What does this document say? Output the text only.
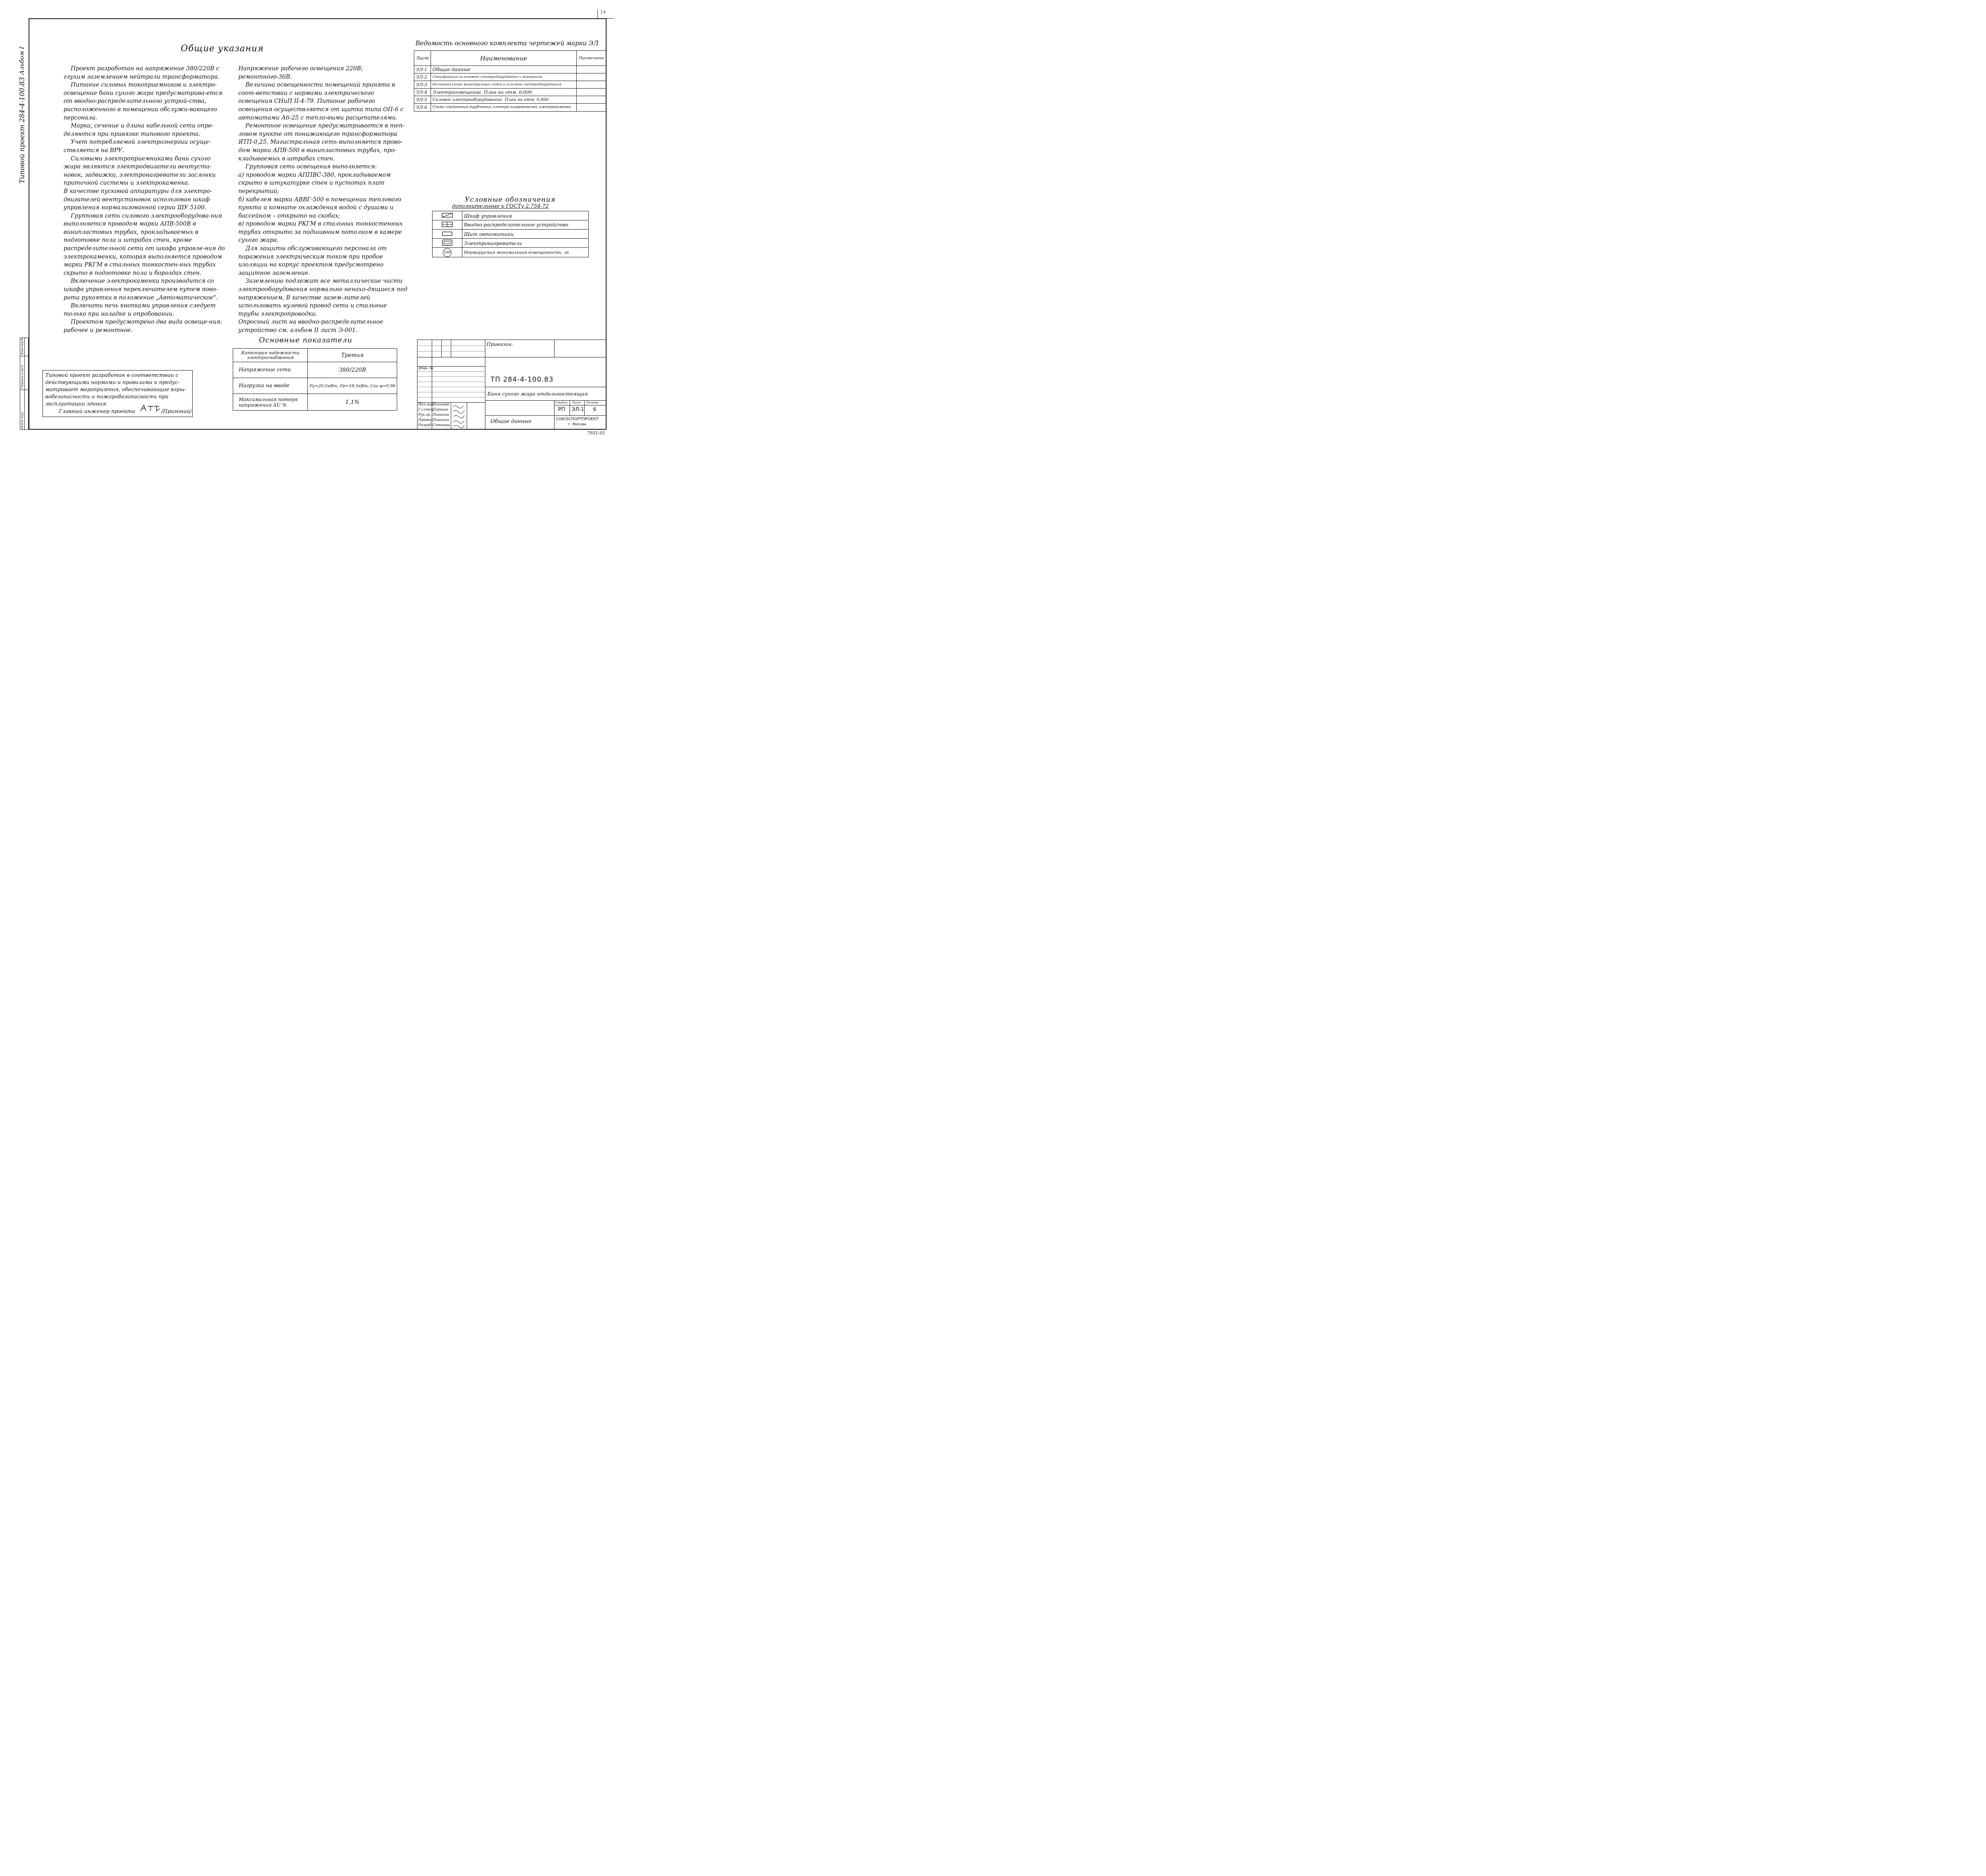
14
Типовой проект 284-4-100.83
Альбом I
Инв.N подл.
Подпись и дата
Взам.инв.N
Общие указания

Проект разработан на напряжение 380/220В с глухим заземлением нейтрали трансформатора.

Питание силовых токоприемников и электро-освещение бани сухого жара предусматрива-ется от вводно-распределительного устрой-ства, расположенного в помещении обслужи-вающего персонала.

Марка, сечение и длина кабельной сети опре-деляются при привязке типового проекта.

Учет потребляемой электроэнергии осуще-ствляется на ВРУ.

Силовыми электроприемниками бани сухого жара являются электродвигатели вентуста-новок, задвижки, электронагреватели заслонки приточной системы и электрокаменка.

В качестве пусковой аппаратуры для электро-двигателей вентустановок использован шкаф управления нормализованной серии ШУ 5100.

Групповая сеть силового электрооборудова-ния выполняется проводом марки АПВ-500В в винипластовых трубах, прокладываемых в подготовке пола и штрабах стен, кроме распределительной сети от шкафа управле-ния до электрокаменки, которая выполняется проводом марки РКГМ в стальных тонкостен-ных трубах скрыто в подготовке пола и бороздах стен.

Включение электрокаменки производится со шкафа управления переключателем путем пово-рота рукоятки в положение „Автоматическое".

Включать печь кнопками управления следует только при наладке и опробовании.

Проектом предусмотрено два вида освеще-ния: рабочее и ремонтное.

Напряжение рабочего освещения 220В; ремонтного-36В.

Величина освещенности помещений принята в соот-ветствии с нормами электрического освещения СНиП II-4-79. Питание рабочего освещения осуществляется от щитка типа ОП-6 с автоматами А6-25 с тепло-выми расцепителями.

Ремонтное освещение предусматривается в теп-ловом пункте от понижающего трансформатора ЯТП-0,25. Магистральная сеть выполняется прово-дом марки АПВ-500 в винипластовых трубах, про-кладываемых в штрабах стен.

Групповая сеть освещения выполняется:

а) проводом марки АППВС-380, прокладываемом скрыто в штукатурке стен и пустотах плит перекрытий;

б) кабелем марки АВВГ-500 в помещении теплового пункта и комнате охлаждения водой с душами и бассейном – открыто на скобах;

в) проводом марки РКГМ в стальных тонкостенных трубах открыто за подшивным потолком в камере сухого жара.

Для защиты обслуживающего персонала от поражения электрическим током при пробое изоляции на корпус проектом предусмотрено защитное заземление.

Заземлению подлежат все металлические части электрооборудования нормально ненахо-дящиеся под напряжением, В качестве зазем-лителей использовать нулевой провод сети и стальные трубы электропроводки.

Опросный лист на вводно-распределительное устройство см. альбом II лист Э-001.

Основные показатели
Категория надежности электроснабжения	Третья
Напряжение сети	380/220В
Нагрузка на вводе	Pу=20,5кВт; Pр=18,5кВт; Cos φ=0,98
Максимальная потеря напряжения ΔU %	1,1%
Типовой проект разработан в соответствии с действующими нормами и правилами и предус-матривает мероприятия, обеспечивающие взры-вобезопасность и пожаробезопасность при эксплуатации здания.
Главный инженер проекта	/Пригоний/
Ведомость основного комплекта чертежей марки ЭЛ
Лист	Наименование	Примечание
ЭЛ-1	Общие данные	
ЭЛ-2	Спецификация на основное электрооборудование и материалы	
ЭЛ-3	Расчетная схема магистральных сетей и сило-вого электрооборудования	
ЭЛ-4	Электроосвещение. План на отм. 0,000	
ЭЛ-5	Силовое электрооборудование. План на отм. 0,000	
ЭЛ-6	Схема соединения трубчатых электро-нагревателей электрокаменки	
Условные обозначения
дополнительные к ГОСТу 2.754-72
	Шкаф управления
	Вводно-распределительное устройство
	Щит автоматики
	Электронагреватель
100	Нормируемая минимальная освещенность, лк
Привязан:
Инв. №
ТП 284-4-100.83
Баня сухого жара отдельностоящая
Стадия Лист Листов
РП ЭЛ-1 6
Общие данные	СОЮЗСПОРТПРОЕКТ
г. Москва
Нач.мас.
Пахомов
Гл.спец.
Паршин
Рук.гр. Панкина
Провер.
Панкина
Разраб. Стенина
7931-01
